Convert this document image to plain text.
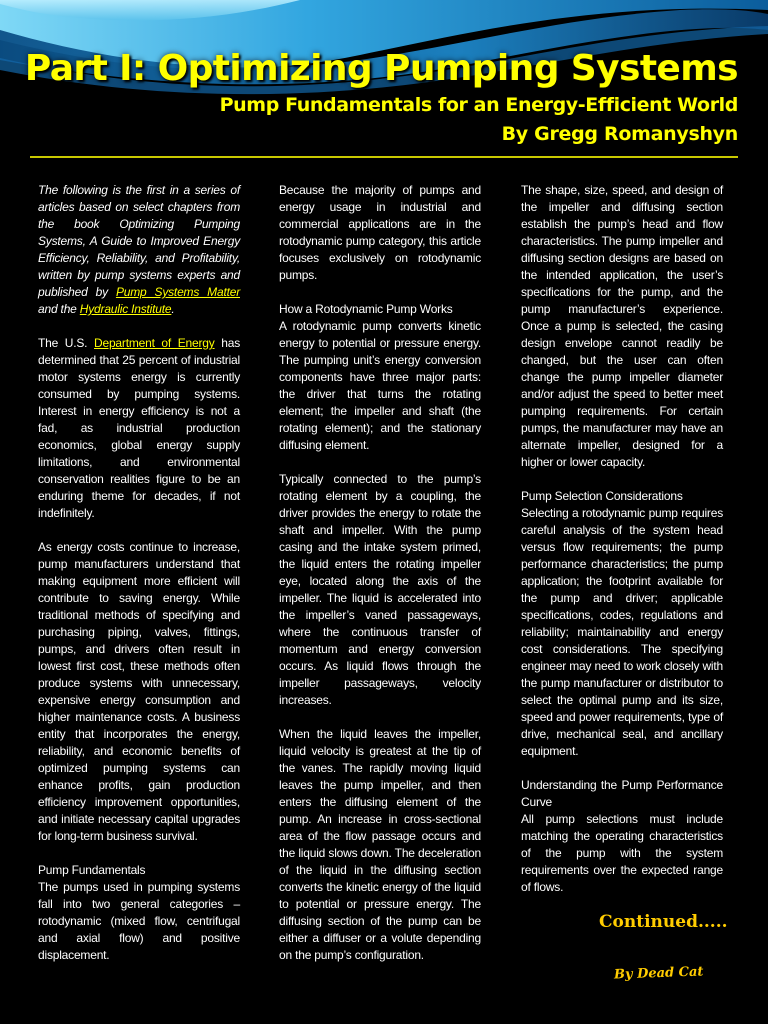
Part I: Optimizing Pumping Systems
Pump Fundamentals for an Energy-Efficient World
By Gregg Romanyshyn

The following is the first in a series of articles based on select chapters from the book Optimizing Pumping Systems, A Guide to Improved Energy Efficiency, Reliability, and Profitability, written by pump systems experts and published by Pump Systems Matter and the Hydraulic Institute.

The U.S. Department of Energy has determined that 25 percent of industrial motor systems energy is currently consumed by pumping systems. Interest in energy efficiency is not a fad, as industrial production economics, global energy supply limitations, and environmental conservation realities figure to be an enduring theme for decades, if not indefinitely.

As energy costs continue to increase, pump manufacturers understand that making equipment more efficient will contribute to saving energy. While traditional methods of specifying and purchasing piping, valves, fittings, pumps, and drivers often result in lowest first cost, these methods often produce systems with unnecessary, expensive energy consumption and higher maintenance costs. A business entity that incorporates the energy, reliability, and economic benefits of optimized pumping systems can enhance profits, gain production efficiency improvement opportunities, and initiate necessary capital upgrades for long-term business survival.

Pump Fundamentals

The pumps used in pumping systems fall into two general categories – rotodynamic (mixed flow, centrifugal and axial flow) and positive displacement.

Because the majority of pumps and energy usage in industrial and commercial applications are in the rotodynamic pump category, this article focuses exclusively on rotodynamic pumps.

How a Rotodynamic Pump Works

A rotodynamic pump converts kinetic energy to potential or pressure energy. The pumping unit’s energy conversion components have three major parts: the driver that turns the rotating element; the impeller and shaft (the rotating element); and the stationary diffusing element.

Typically connected to the pump’s rotating element by a coupling, the driver provides the energy to rotate the shaft and impeller. With the pump casing and the intake system primed, the liquid enters the rotating impeller eye, located along the axis of the impeller. The liquid is accelerated into the impeller’s vaned passageways, where the continuous transfer of momentum and energy conversion occurs. As liquid flows through the impeller passageways, velocity increases.

When the liquid leaves the impeller, liquid velocity is greatest at the tip of the vanes. The rapidly moving liquid leaves the pump impeller, and then enters the diffusing element of the pump. An increase in cross-sectional area of the flow passage occurs and the liquid slows down. The deceleration of the liquid in the diffusing section converts the kinetic energy of the liquid to potential or pressure energy. The diffusing section of the pump can be either a diffuser or a volute depending on the pump’s configuration.

The shape, size, speed, and design of the impeller and diffusing section establish the pump’s head and flow characteristics. The pump impeller and diffusing section designs are based on the intended application, the user’s specifications for the pump, and the pump manufacturer’s experience. Once a pump is selected, the casing design envelope cannot readily be changed, but the user can often change the pump impeller diameter and/or adjust the speed to better meet pumping requirements. For certain pumps, the manufacturer may have an alternate impeller, designed for a higher or lower capacity.

Pump Selection Considerations

Selecting a rotodynamic pump requires careful analysis of the system head versus flow requirements; the pump performance characteristics; the pump application; the footprint available for the pump and driver; applicable specifications, codes, regulations and reliability; maintainability and energy cost considerations. The specifying engineer may need to work closely with the pump manufacturer or distributor to select the optimal pump and its size, speed and power requirements, type of drive, mechanical seal, and ancillary equipment.

Understanding the Pump Performance Curve

All pump selections must include matching the operating characteristics of the pump with the system requirements over the expected range of flows.

Continued.....
By Dead Cat
